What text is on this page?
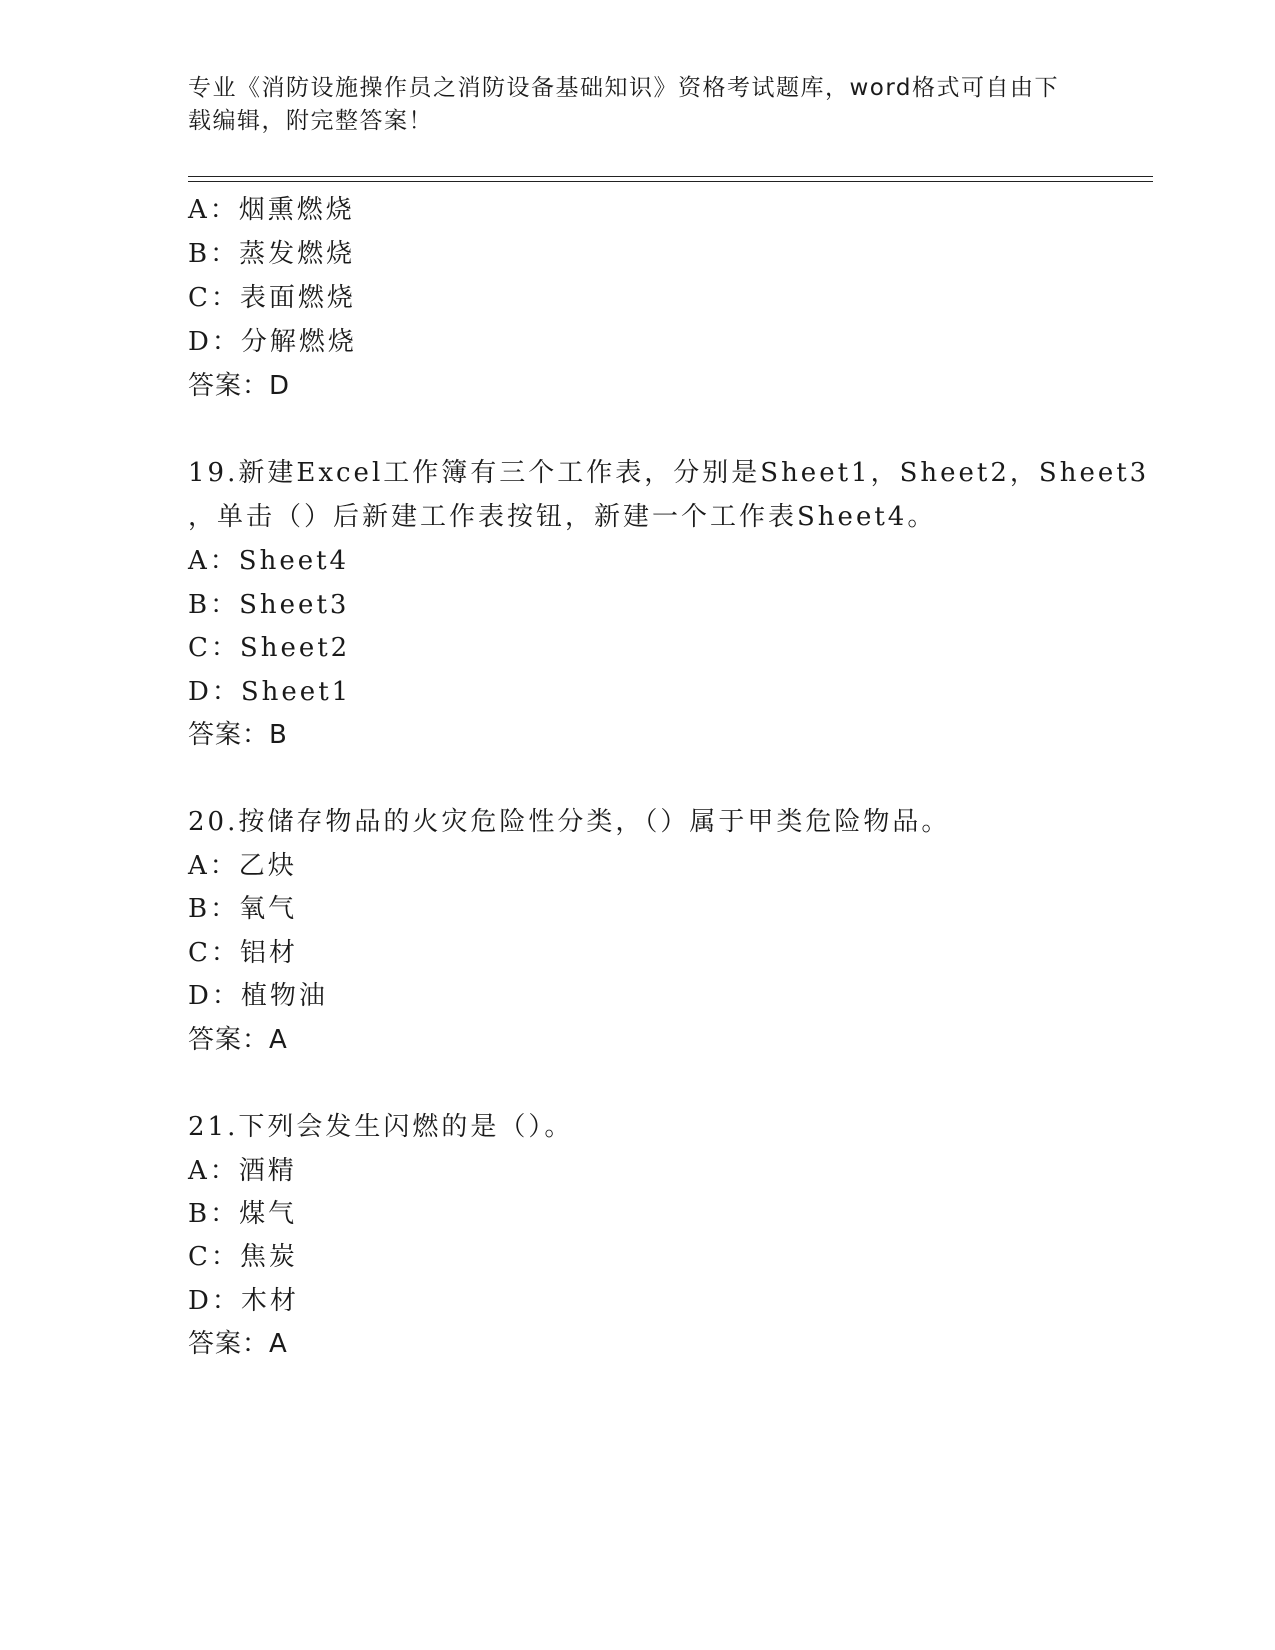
专业《消防设施操作员之消防设备基础知识》资格考试题库，word格式可自由下
载编辑，附完整答案！
A：烟熏燃烧
B：蒸发燃烧
C：表面燃烧
D：分解燃烧
答案：D
19.新建Excel工作簿有三个工作表，分别是Sheet1，Sheet2，Sheet3
，单击（）后新建工作表按钮，新建一个工作表Sheet4。
A：Sheet4
B：Sheet3
C：Sheet2
D：Sheet1
答案：B
20.按储存物品的火灾危险性分类，（）属于甲类危险物品。
A：乙炔
B：氧气
C：铝材
D：植物油
答案：A
21.下列会发生闪燃的是（）。
A：酒精
B：煤气
C：焦炭
D：木材
答案：A
